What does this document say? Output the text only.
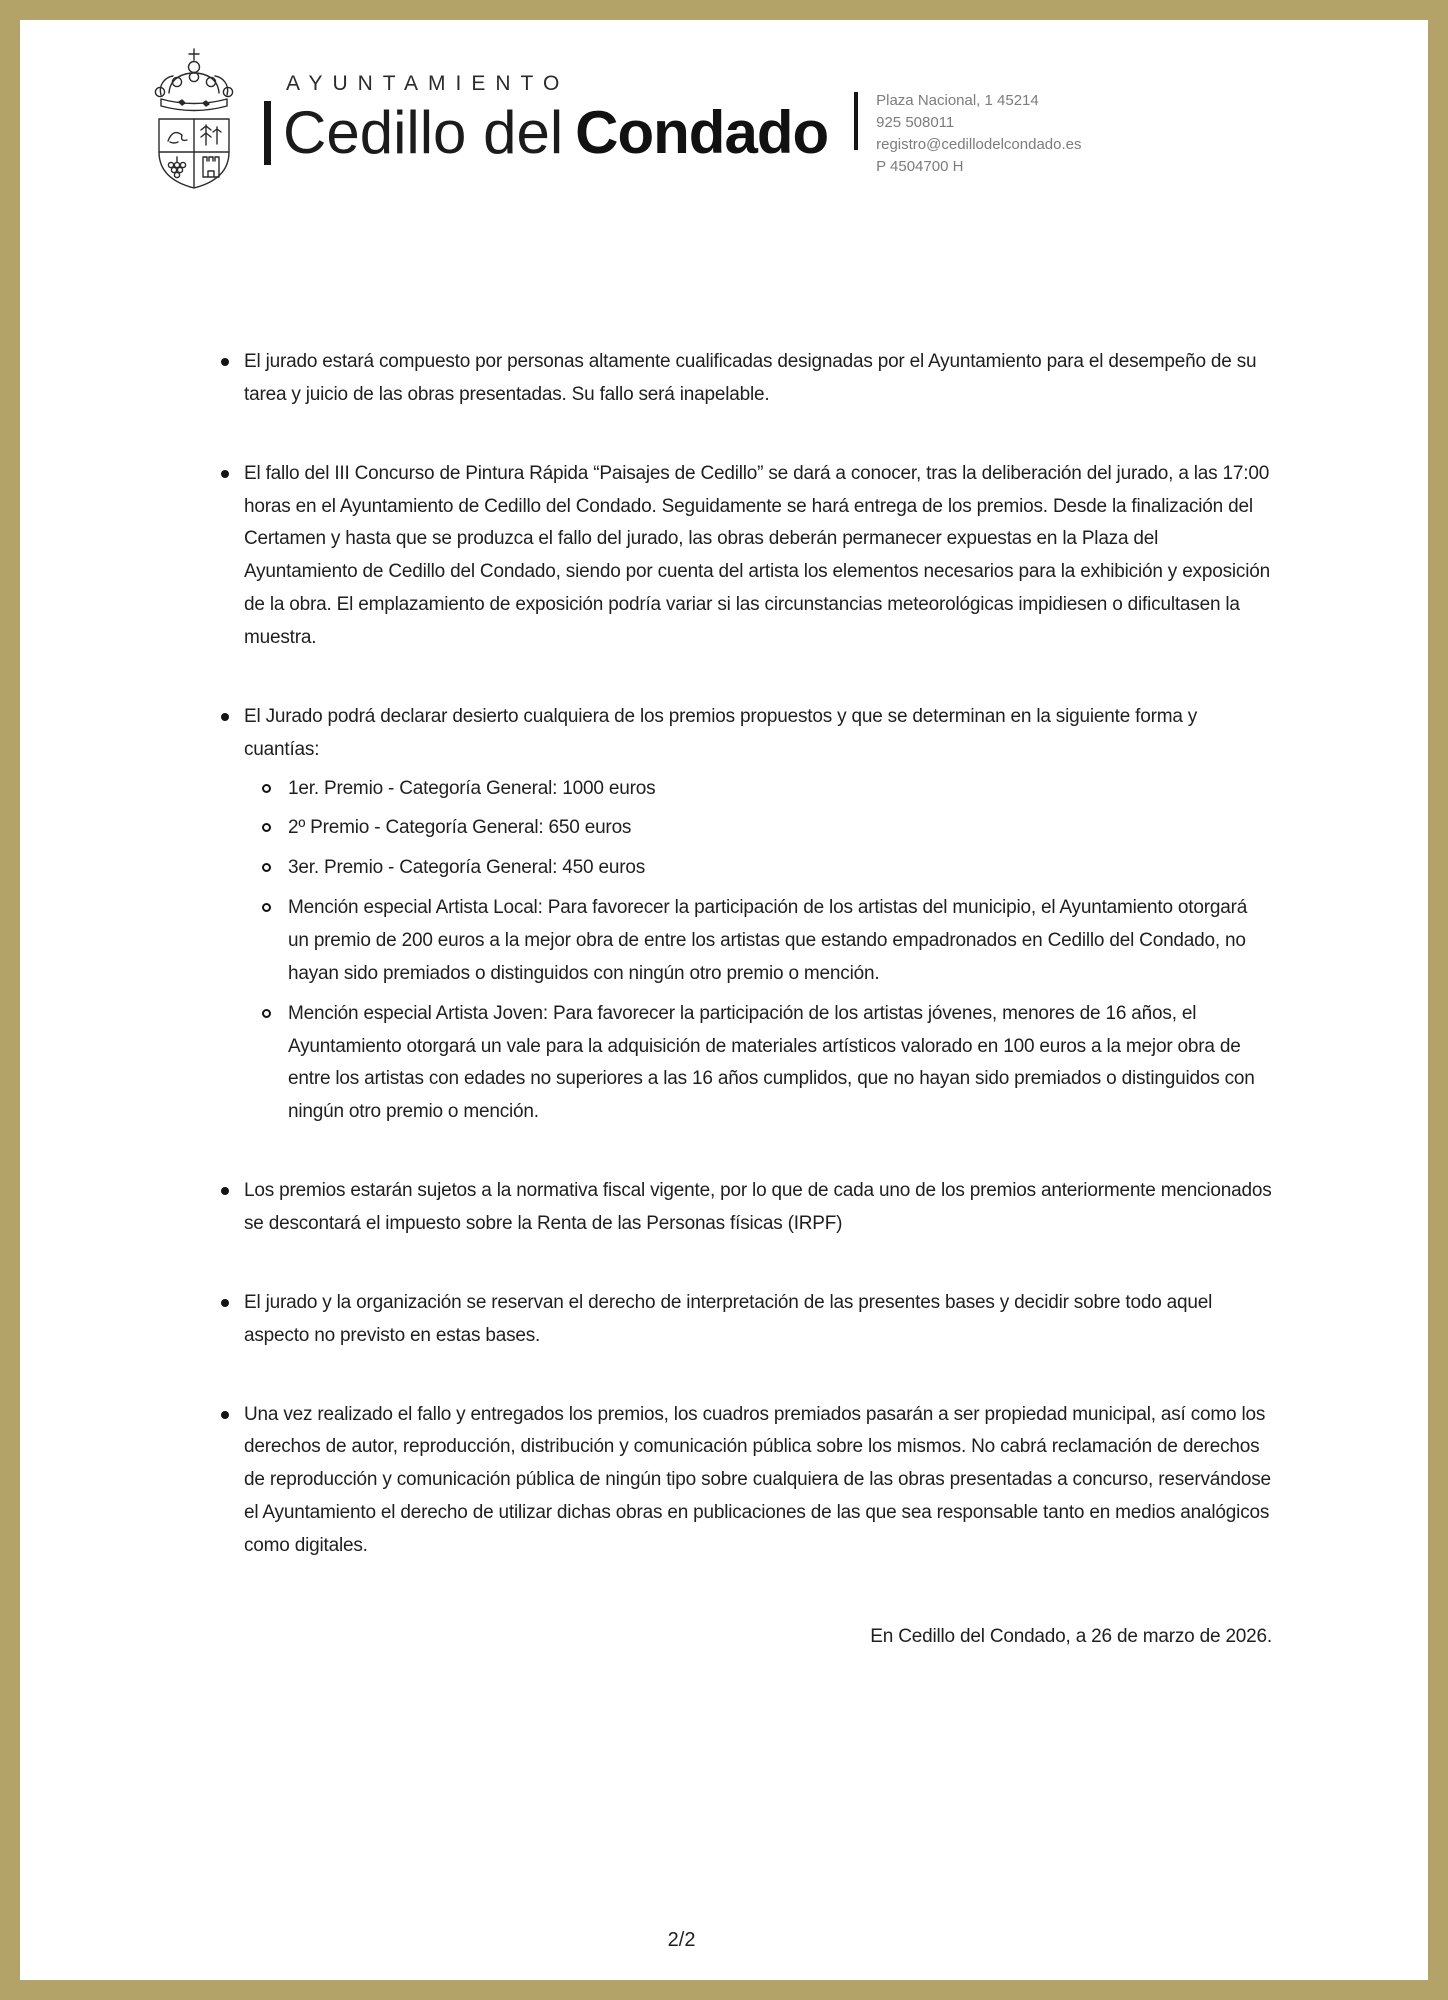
AYUNTAMIENTO
Cedillo del Condado	Plaza Nacional, 1 45214
925 508011
registro@cedillodelcondado.es
P 4504700 H
El jurado estará compuesto por personas altamente cualificadas designadas por el Ayuntamiento para el desempeño de su tarea y juicio de las obras presentadas. Su fallo será inapelable.
El fallo del III Concurso de Pintura Rápida “Paisajes de Cedillo” se dará a conocer, tras la deliberación del jurado, a las 17:00 horas en el Ayuntamiento de Cedillo del Condado. Seguidamente se hará entrega de los premios. Desde la finalización del Certamen y hasta que se produzca el fallo del jurado, las obras deberán permanecer expuestas en la Plaza del Ayuntamiento de Cedillo del Condado, siendo por cuenta del artista los elementos necesarios para la exhibición y exposición de la obra. El emplazamiento de exposición podría variar si las circunstancias meteorológicas impidiesen o dificultasen la muestra.
El Jurado podrá declarar desierto cualquiera de los premios propuestos y que se determinan en la siguiente forma y cuantías:
1er. Premio - Categoría General: 1000 euros
2º Premio - Categoría General: 650 euros
3er. Premio - Categoría General: 450 euros
Mención especial Artista Local: Para favorecer la participación de los artistas del municipio, el Ayuntamiento otorgará un premio de 200 euros a la mejor obra de entre los artistas que estando empadronados en Cedillo del Condado, no hayan sido premiados o distinguidos con ningún otro premio o mención.
Mención especial Artista Joven: Para favorecer la participación de los artistas jóvenes, menores de 16 años, el Ayuntamiento otorgará un vale para la adquisición de materiales artísticos valorado en 100 euros a la mejor obra de entre los artistas con edades no superiores a las 16 años cumplidos, que no hayan sido premiados o distinguidos con ningún otro premio o mención.
Los premios estarán sujetos a la normativa fiscal vigente, por lo que de cada uno de los premios anteriormente mencionados se descontará el impuesto sobre la Renta de las Personas físicas (IRPF)
El jurado y la organización se reservan el derecho de interpretación de las presentes bases y decidir sobre todo aquel aspecto no previsto en estas bases.
Una vez realizado el fallo y entregados los premios, los cuadros premiados pasarán a ser propiedad municipal, así como los derechos de autor, reproducción, distribución y comunicación pública sobre los mismos. No cabrá reclamación de derechos de reproducción y comunicación pública de ningún tipo sobre cualquiera de las obras presentadas a concurso, reservándose el Ayuntamiento el derecho de utilizar dichas obras en publicaciones de las que sea responsable tanto en medios analógicos como digitales.
En Cedillo del Condado, a 26 de marzo de 2026.
2/2
